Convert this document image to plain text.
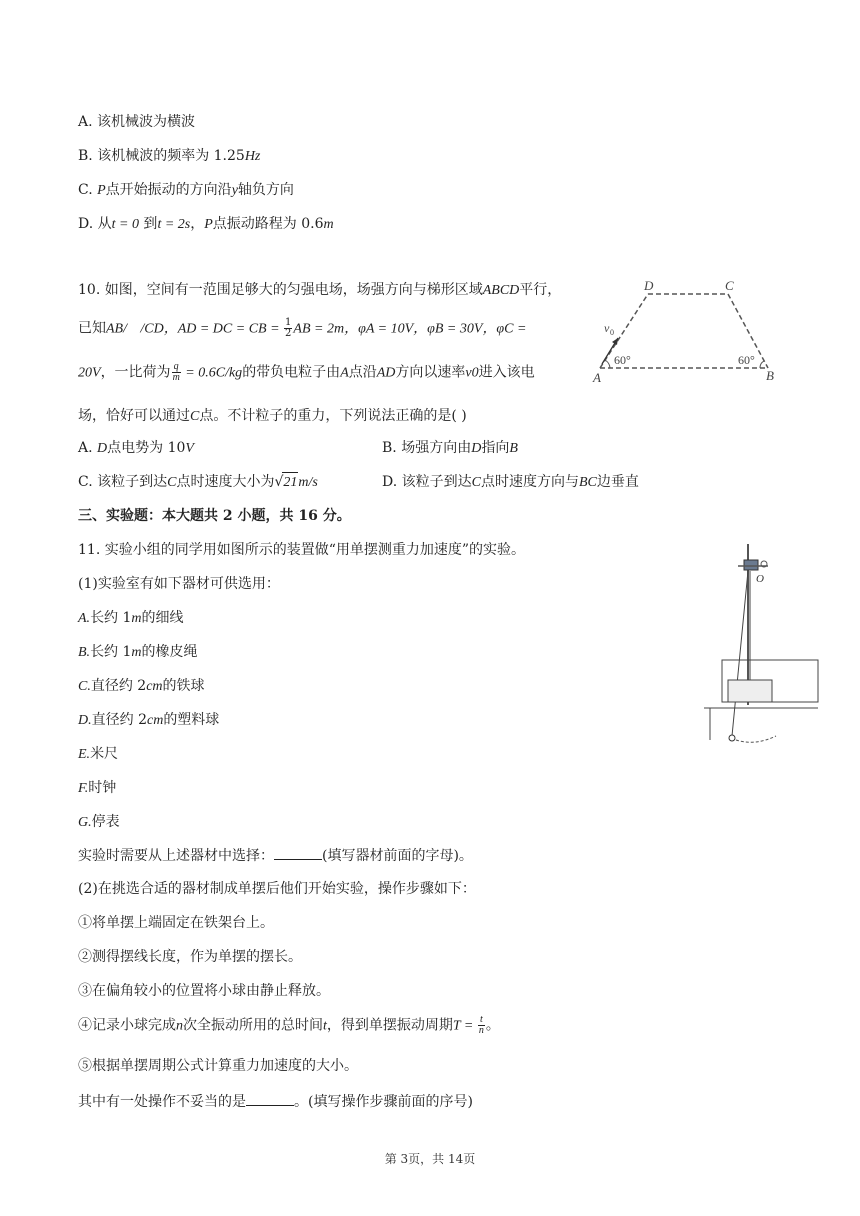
A. 该机械波为横波
B. 该机械波的频率为 1.25Hz
C. P点开始振动的方向沿y轴负方向
D. 从t = 0 到t = 2s，P点振动路程为 0.6m
10. 如图，空间有一范围足够大的匀强电场，场强方向与梯形区域ABCD平行，
已知AB/ /CD，AD = DC = CB = $\frac{1}{2}$ AB = 2m，φA = 10V，φB = 30V，φC =
20V，一比荷为 $\frac{q}{m} = 0.6C/kg$的带负电粒子由A点沿AD方向以速率v0进入该电
场，恰好可以通过C点。不计粒子的重力，下列说法正确的是( )
A. D点电势为 10V	B. 场强方向由D指向B
C. 该粒子到达C点时速度大小为√21m/s	D. 该粒子到达C点时速度方向与BC边垂直
D	C
A	B
v 0
60°	60°
三、实验题：本大题共 2 小题，共 16 分。
11. 实验小组的同学用如图所示的装置做“用单摆测重力加速度”的实验。
(1)实验室有如下器材可供选用：
A.长约 1m的细线
B.长约 1m的橡皮绳
C.直径约 2cm的铁球
D.直径约 2cm的塑料球
E.米尺
F.时钟
G.停表
实验时需要从上述器材中选择：	(填写器材前面的字母)。
(2)在挑选合适的器材制成单摆后他们开始实验，操作步骤如下：
①将单摆上端固定在铁架台上。
②测得摆线长度，作为单摆的摆长。
③在偏角较小的位置将小球由静止释放。
④记录小球完成n次全振动所用的总时间t，得到单摆振动周期$T = \frac{t}{n}$ 。
⑤根据单摆周期公式计算重力加速度的大小。
其中有一处操作不妥当的是	。(填写操作步骤前面的序号)
O
第 3页，共 14页
